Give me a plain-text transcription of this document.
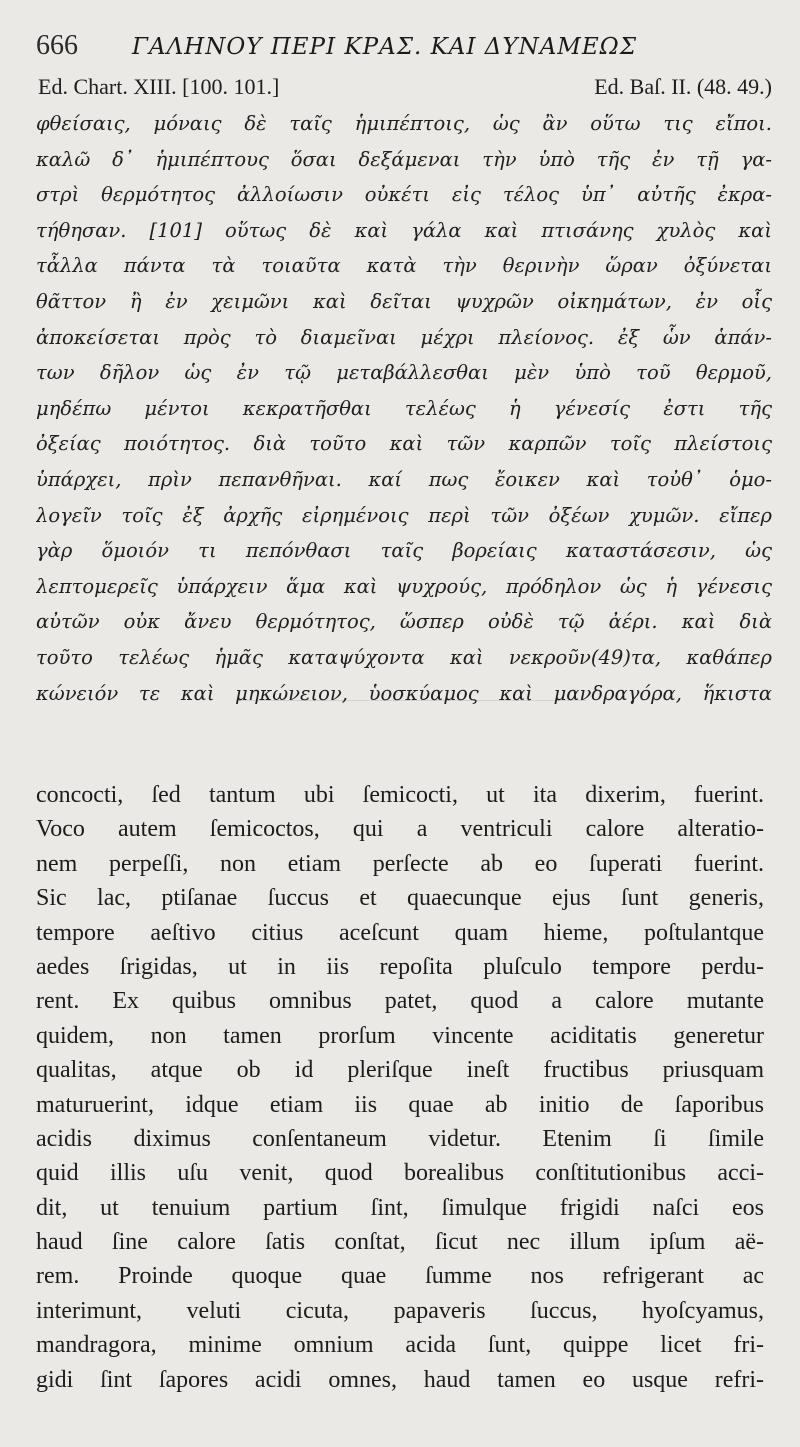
666	ΓΑΛΗΝΟΥ ΠΕΡΙ ΚΡΑΣ. ΚΑΙ ΔΥΝΑΜΕΩΣ
Ed. Chart. XIII. [100. 101.]	Ed. Baſ. II. (48. 49.)
φθείσαις, μόναις δὲ ταῖς ἡμιπέπτοις, ὡς ἂν οὕτω τις εἴποι.
καλῶ δ᾽ ἡμιπέπτους ὅσαι δεξάμεναι τὴν ὑπὸ τῆς ἐν τῇ γα-
στρὶ θερμότητος ἀλλοίωσιν οὐκέτι εἰς τέλος ὑπ᾽ αὐτῆς ἐκρα-
τήθησαν. [101] οὕτως δὲ καὶ γάλα καὶ πτισάνης χυλὸς καὶ
τἆλλα πάντα τὰ τοιαῦτα κατὰ τὴν θερινὴν ὥραν ὀξύνεται
θᾶττον ἢ ἐν χειμῶνι καὶ δεῖται ψυχρῶν οἰκημάτων, ἐν οἷς
ἀποκείσεται πρὸς τὸ διαμεῖναι μέχρι πλείονος. ἐξ ὧν ἁπάν-
των δῆλον ὡς ἐν τῷ μεταβάλλεσθαι μὲν ὑπὸ τοῦ θερμοῦ,
μηδέπω μέντοι κεκρατῆσθαι τελέως ἡ γένεσίς ἐστι τῆς
ὀξείας ποιότητος. διὰ τοῦτο καὶ τῶν καρπῶν τοῖς πλείστοις
ὑπάρχει, πρὶν πεπανθῆναι. καί πως ἔοικεν καὶ τοὐθ᾽ ὁμο-
λογεῖν τοῖς ἐξ ἀρχῆς εἰρημένοις περὶ τῶν ὀξέων χυμῶν. εἴπερ
γὰρ ὅμοιόν τι πεπόνθασι ταῖς βορείαις καταστάσεσιν, ὡς
λεπτομερεῖς ὑπάρχειν ἅμα καὶ ψυχρούς, πρόδηλον ὡς ἡ γένεσις
αὐτῶν οὐκ ἄνευ θερμότητος, ὥσπερ οὐδὲ τῷ ἀέρι. καὶ διὰ
τοῦτο τελέως ἡμᾶς καταψύχοντα καὶ νεκροῦν(49)τα, καθάπερ
κώνειόν τε καὶ μηκώνειον, ὑοσκύαμος καὶ μανδραγόρα, ἥκιστα
concocti, ſed tantum ubi ſemicocti, ut ita dixerim, fuerint.
Voco autem ſemicoctos, qui a ventriculi calore alteratio-
nem perpeſſi, non etiam perſecte ab eo ſuperati fuerint.
Sic lac, ptiſanae ſuccus et quaecunque ejus ſunt generis,
tempore aeſtivo citius aceſcunt quam hieme, poſtulantque
aedes ſrigidas, ut in iis repoſita pluſculo tempore perdu-
rent. Ex quibus omnibus patet, quod a calore mutante
quidem, non tamen prorſum vincente aciditatis generetur
qualitas, atque ob id pleriſque ineſt fructibus priusquam
maturuerint, idque etiam iis quae ab initio de ſaporibus
acidis diximus conſentaneum videtur. Etenim ſi ſimile
quid illis uſu venit, quod borealibus conſtitutionibus acci-
dit, ut tenuium partium ſint, ſimulque frigidi naſci eos
haud ſine calore ſatis conſtat, ſicut nec illum ipſum aë-
rem. Proinde quoque quae ſumme nos refrigerant ac
interimunt, veluti cicuta, papaveris ſuccus, hyoſcyamus,
mandragora, minime omnium acida ſunt, quippe licet fri-
gidi ſint ſapores acidi omnes, haud tamen eo usque refri-
